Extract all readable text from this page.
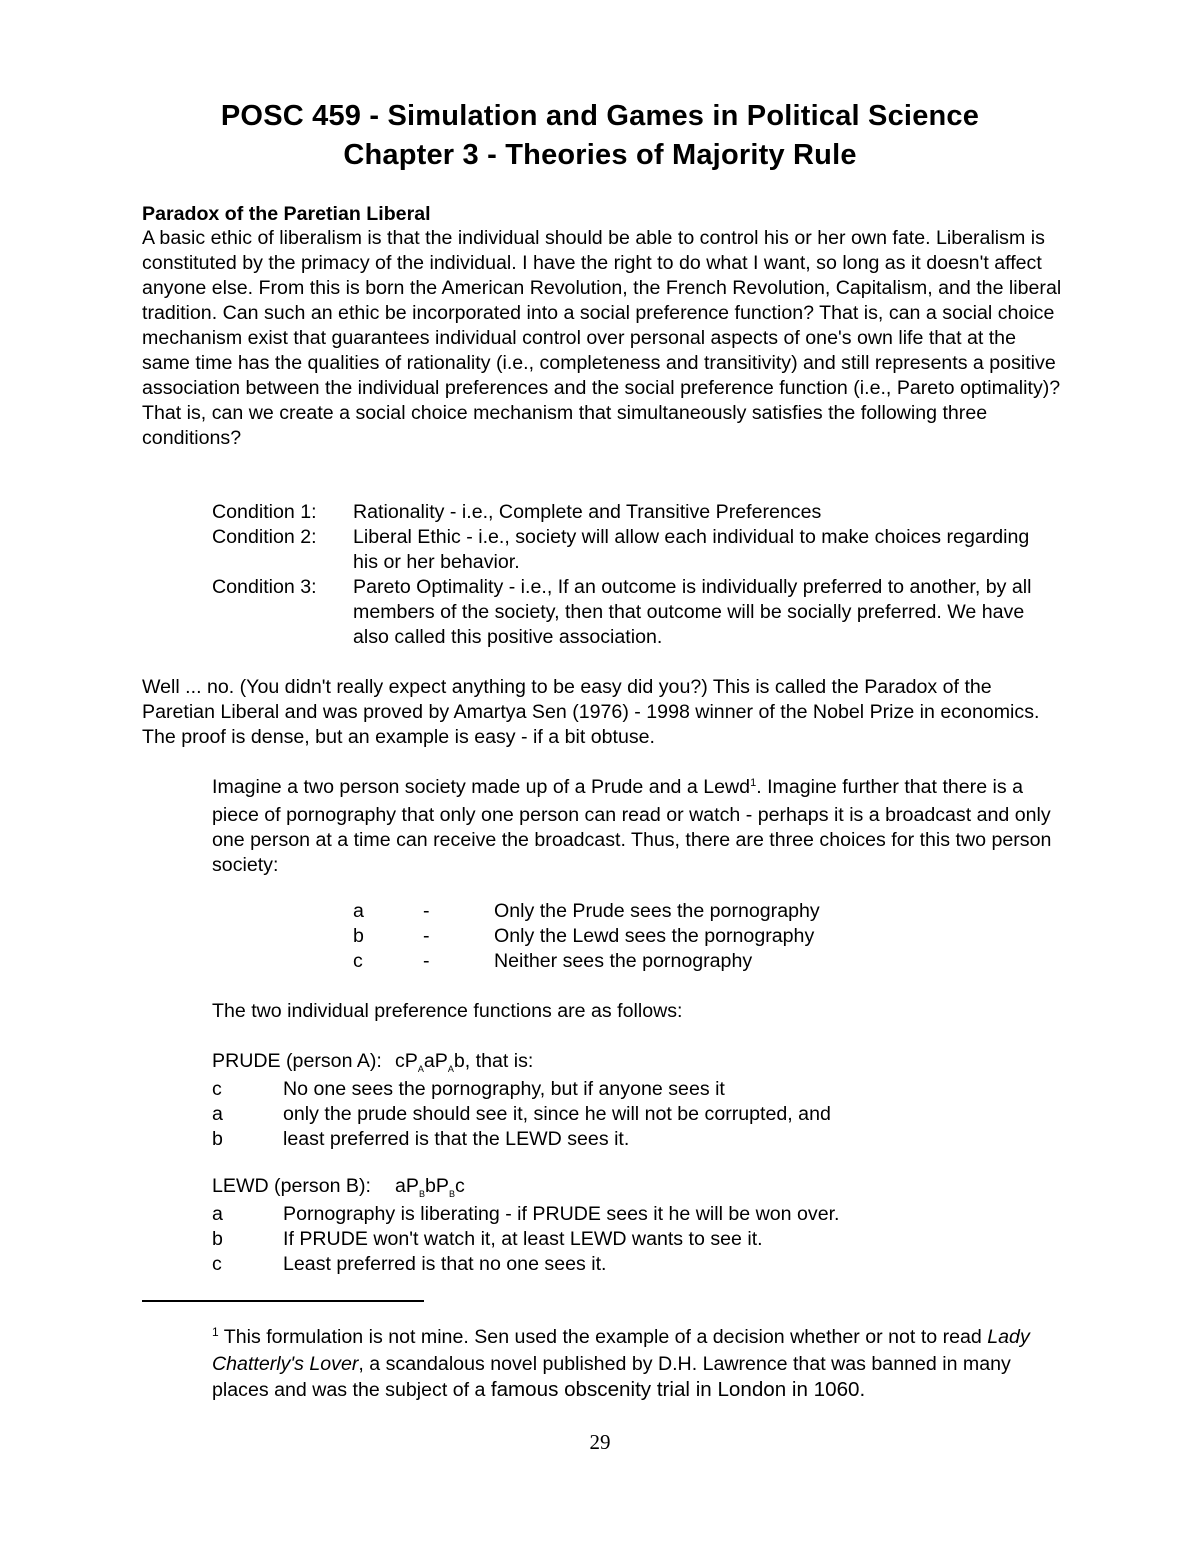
POSC 459 - Simulation and Games in Political Science
Chapter 3 - Theories of Majority Rule
Paradox of the Paretian Liberal
A basic ethic of liberalism is that the individual should be able to control his or her own fate. Liberalism is constituted by the primacy of the individual. I have the right to do what I want, so long as it doesn't affect anyone else. From this is born the American Revolution, the French Revolution, Capitalism, and the liberal tradition. Can such an ethic be incorporated into a social preference function? That is, can a social choice mechanism exist that guarantees individual control over personal aspects of one's own life that at the same time has the qualities of rationality (i.e., completeness and transitivity) and still represents a positive association between the individual preferences and the social preference function (i.e., Pareto optimality)? That is, can we create a social choice mechanism that simultaneously satisfies the following three conditions?
Condition 1:	Rationality - i.e., Complete and Transitive Preferences
Condition 2:	Liberal Ethic - i.e., society will allow each individual to make choices regarding his or her behavior.
Condition 3:	Pareto Optimality - i.e., If an outcome is individually preferred to another, by all members of the society, then that outcome will be socially preferred. We have also called this positive association.
Well ... no. (You didn't really expect anything to be easy did you?) This is called the Paradox of the Paretian Liberal and was proved by Amartya Sen (1976) - 1998 winner of the Nobel Prize in economics. The proof is dense, but an example is easy - if a bit obtuse.
Imagine a two person society made up of a Prude and a Lewd$^1$. Imagine further that there is a piece of pornography that only one person can read or watch - perhaps it is a broadcast and only one person at a time can receive the broadcast. Thus, there are three choices for this two person society:
a	-	Only the Prude sees the pornography
b	-	Only the Lewd sees the pornography
c	-	Neither sees the pornography
The two individual preference functions are as follows:
PRUDE (person A): $cP_AaP_Ab$, that is:
c	No one sees the pornography, but if anyone sees it
a	only the prude should see it, since he will not be corrupted, and
b	least preferred is that the LEWD sees it.
LEWD (person B): $aP_BbP_Bc$
a	Pornography is liberating - if PRUDE sees it he will be won over.
b	If PRUDE won't watch it, at least LEWD wants to see it.
c	Least preferred is that no one sees it.
$^1$ This formulation is not mine. Sen used the example of a decision whether or not to read Lady Chatterly's Lover, a scandalous novel published by D.H. Lawrence that was banned in many places and was the subject of a famous obscenity trial in London in 1060.
29
